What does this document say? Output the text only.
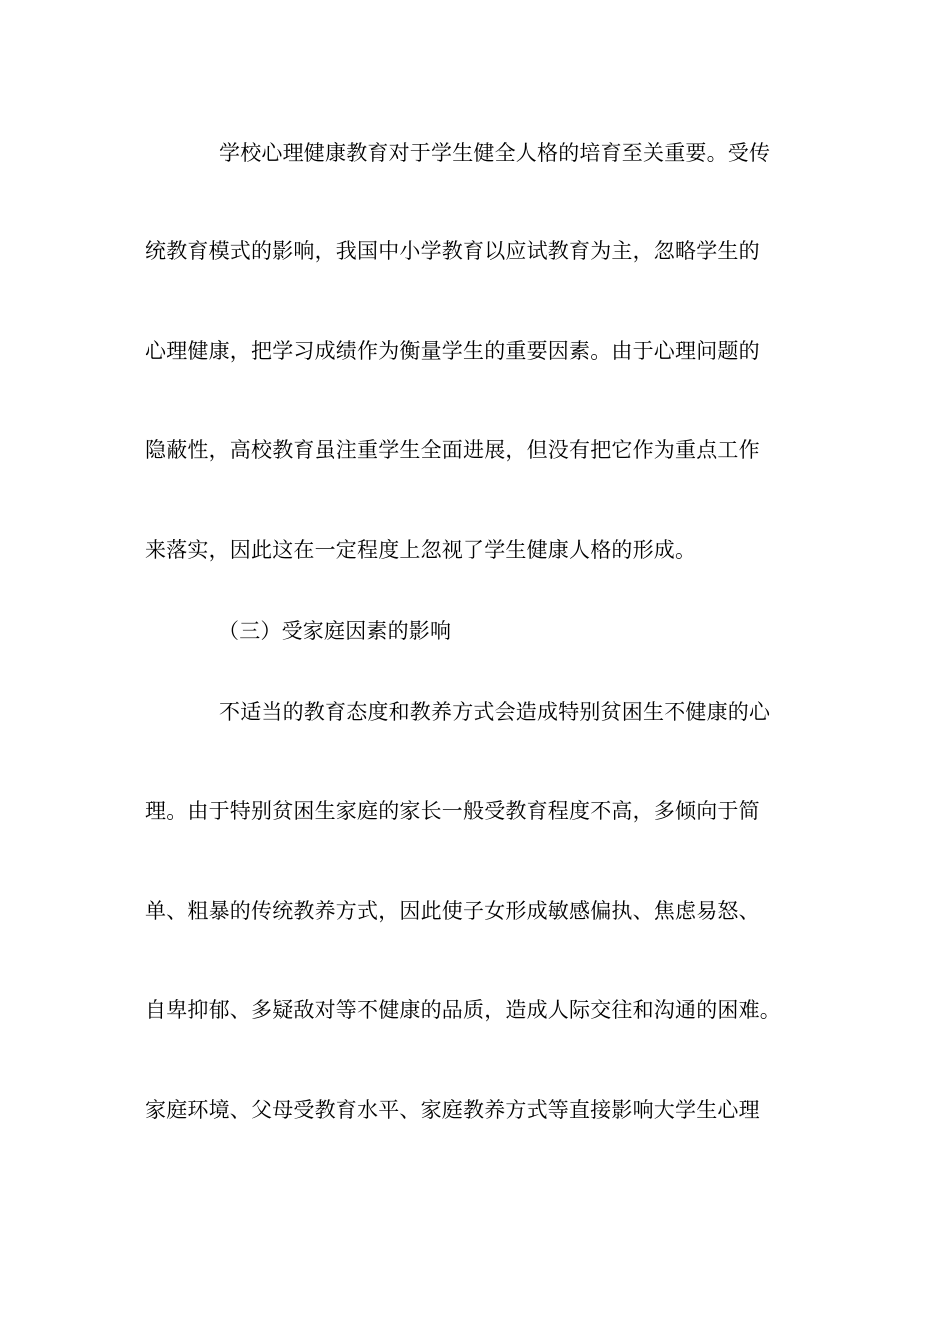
学校心理健康教育对于学生健全人格的培育至关重要。受传
统教育模式的影响，我国中小学教育以应试教育为主，忽略学生的
心理健康，把学习成绩作为衡量学生的重要因素。由于心理问题的
隐蔽性，高校教育虽注重学生全面进展，但没有把它作为重点工作
来落实，因此这在一定程度上忽视了学生健康人格的形成。
（三）受家庭因素的影响
不适当的教育态度和教养方式会造成特别贫困生不健康的心
理。由于特别贫困生家庭的家长一般受教育程度不高，多倾向于简
单、粗暴的传统教养方式，因此使子女形成敏感偏执、焦虑易怒、
自卑抑郁、多疑敌对等不健康的品质，造成人际交往和沟通的困难。
家庭环境、父母受教育水平、家庭教养方式等直接影响大学生心理
